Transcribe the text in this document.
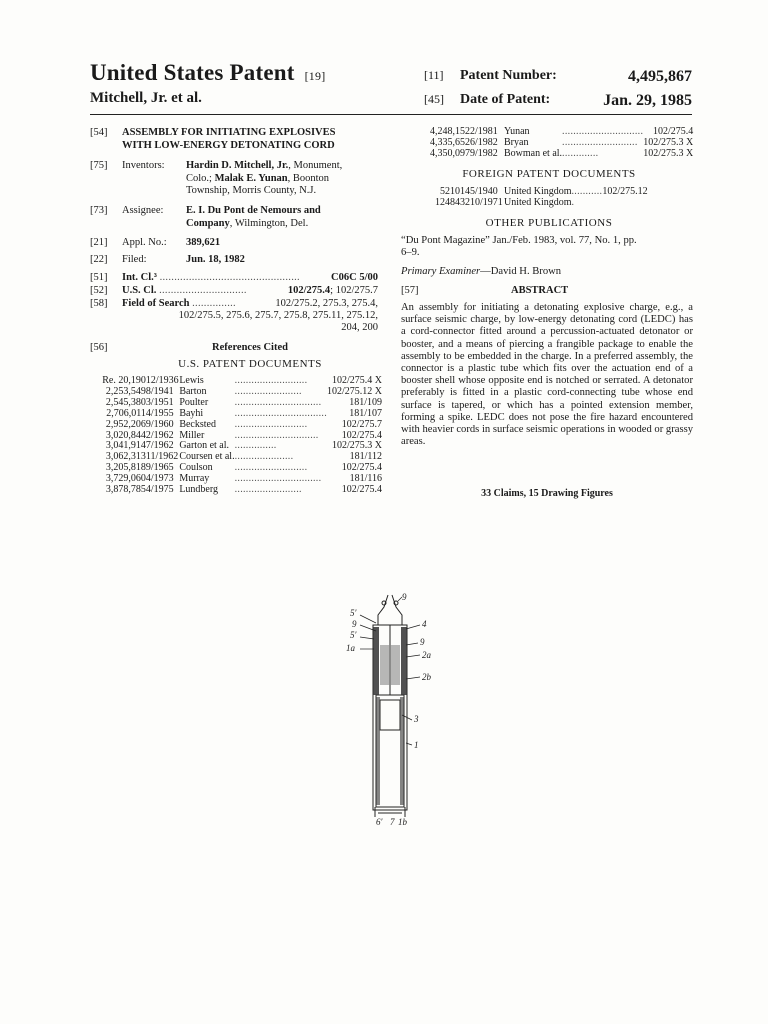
United States Patent [19]
Mitchell, Jr. et al.
[11] Patent Number:	4,495,867
[45] Date of Patent:	Jan. 29, 1985
[54]	ASSEMBLY FOR INITIATING EXPLOSIVES
WITH LOW-ENERGY DETONATING CORD
[75]	Inventors: Hardin D. Mitchell, Jr., Monument,
Colo.; Malak E. Yunan, Boonton
Township, Morris County, N.J.
[73]	Assignee: E. I. Du Pont de Nemours and
Company, Wilmington, Del.
[21]	Appl. No.: 389,621
[22]	Filed:	Jun. 18, 1982
[51]	Int. Cl.³ ................................................	C06C 5/00
[52]	U.S. Cl. ..............................	102/275.4; 102/275.7
[58]	Field of Search ...............	102/275.2, 275.3, 275.4,
102/275.5, 275.6, 275.7, 275.8, 275.11, 275.12,
204, 200
[56]	References Cited
U.S. PATENT DOCUMENTS
Re. 20,190	12/1936	Lewis	..........................	102/275.4 X
2,253,549	8/1941	Barton	........................	102/275.12 X
2,545,380	3/1951	Poulter	...............................	181/109
2,706,011	4/1955	Bayhi	.................................	181/107
2,952,206	9/1960	Becksted	..........................	102/275.7
3,020,844	2/1962	Miller	..............................	102/275.4
3,041,914	7/1962	Garton et al.	...............	102/275.3 X
3,062,313	11/1962	Coursen et al.	.....................	181/112
3,205,818	9/1965	Coulson	..........................	102/275.4
3,729,060	4/1973	Murray	...............................	181/116
3,878,785	4/1975	Lundberg	........................	102/275.4
4,248,152	2/1981	Yunan	.............................	102/275.4
4,335,652	6/1982	Bryan	...........................	102/275.3 X
4,350,097	9/1982	Bowman et al.	.............	102/275.3 X
FOREIGN PATENT DOCUMENTS
521014	5/1940	United Kingdom	...........	102/275.12
1248432	10/1971	United Kingdom	.	
OTHER PUBLICATIONS
“Du Pont Magazine” Jan./Feb. 1983, vol. 77, No. 1, pp.
6–9.
Primary Examiner—David H. Brown
[57]	ABSTRACT
An assembly for initiating a detonating explosive charge, e.g., a surface seismic charge, by low-energy detonating cord (LEDC) has a cord-connector fitted around a percussion-actuated detonator or booster, and a means of piercing a frangible package to enable the assembly to be embedded in the charge. In a preferred assembly, the connector is a plastic tube which fits over the actuation end of a booster shell whose opposite end is notched or serrated. A detonator preferably is fitted in a plastic cord-connecting tube whose end surface is tapered, or which has a pointed extension member, forming a spike. LEDC does not pose the fire hazard encountered with heavier cords in surface seismic operations in wooded or grassy areas.
33 Claims, 15 Drawing Figures
9
5′
9	4
5′
9
1a
2a
2b
3
1
6′ 7 1b
